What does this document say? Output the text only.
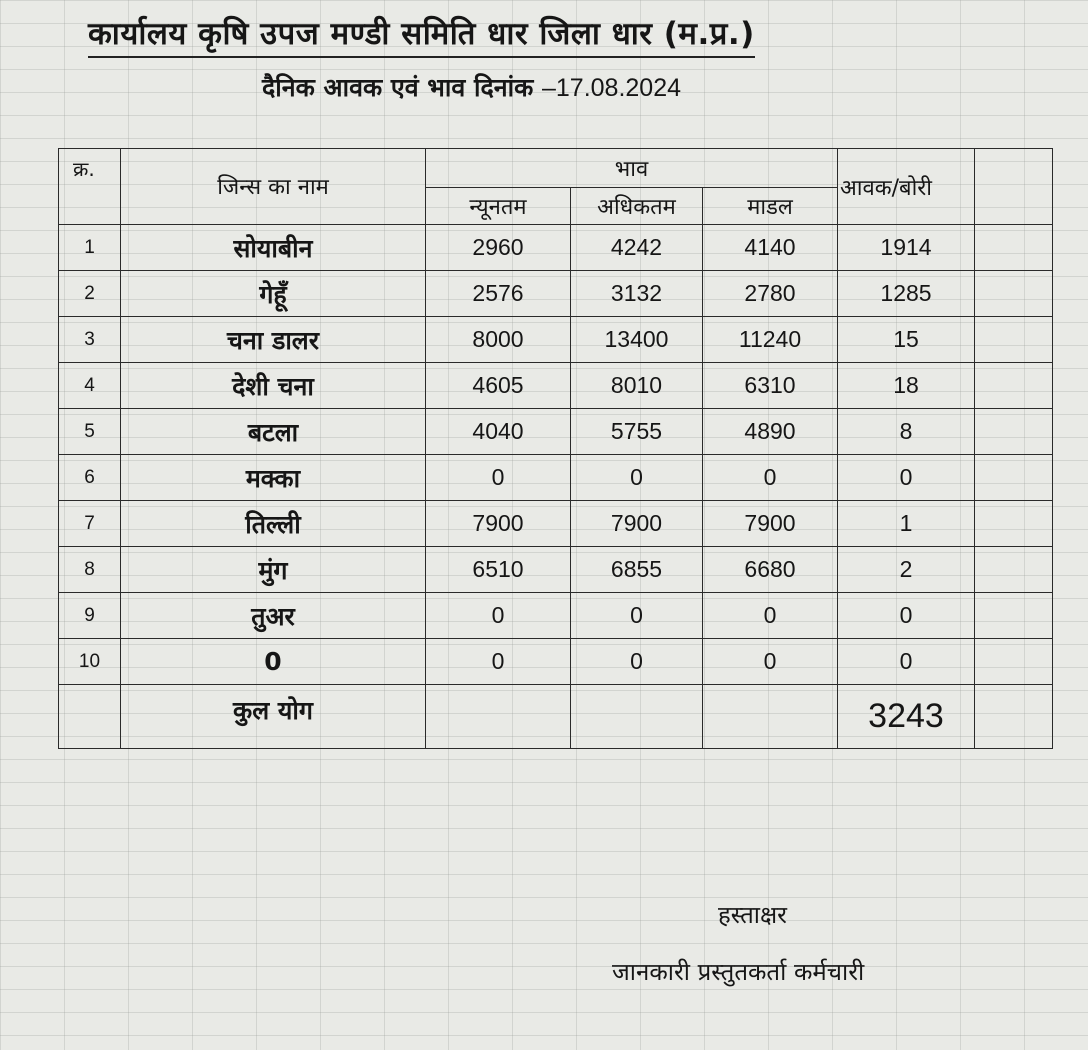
कार्यालय कृषि उपज मण्डी समिति धार जिला धार (म.प्र.)
दैनिक आवक एवं भाव दिनांक –17.08.2024
क्र.	जिन्स का नाम	भाव			आवक/बोरी	
		न्यूनतम	अधिकतम	माडल		
1	सोयाबीन	2960	4242	4140	1914	
2	गेहूँ	2576	3132	2780	1285	
3	चना डालर	8000	13400	11240	15	
4	देशी चना	4605	8010	6310	18	
5	बटला	4040	5755	4890	8	
6	मक्का	0	0	0	0	
7	तिल्ली	7900	7900	7900	1	
8	मुंग	6510	6855	6680	2	
9	तुअर	0	0	0	0	
10	0	0	0	0	0	
	कुल योग				3243	
हस्ताक्षर
जानकारी प्रस्तुतकर्ता कर्मचारी
